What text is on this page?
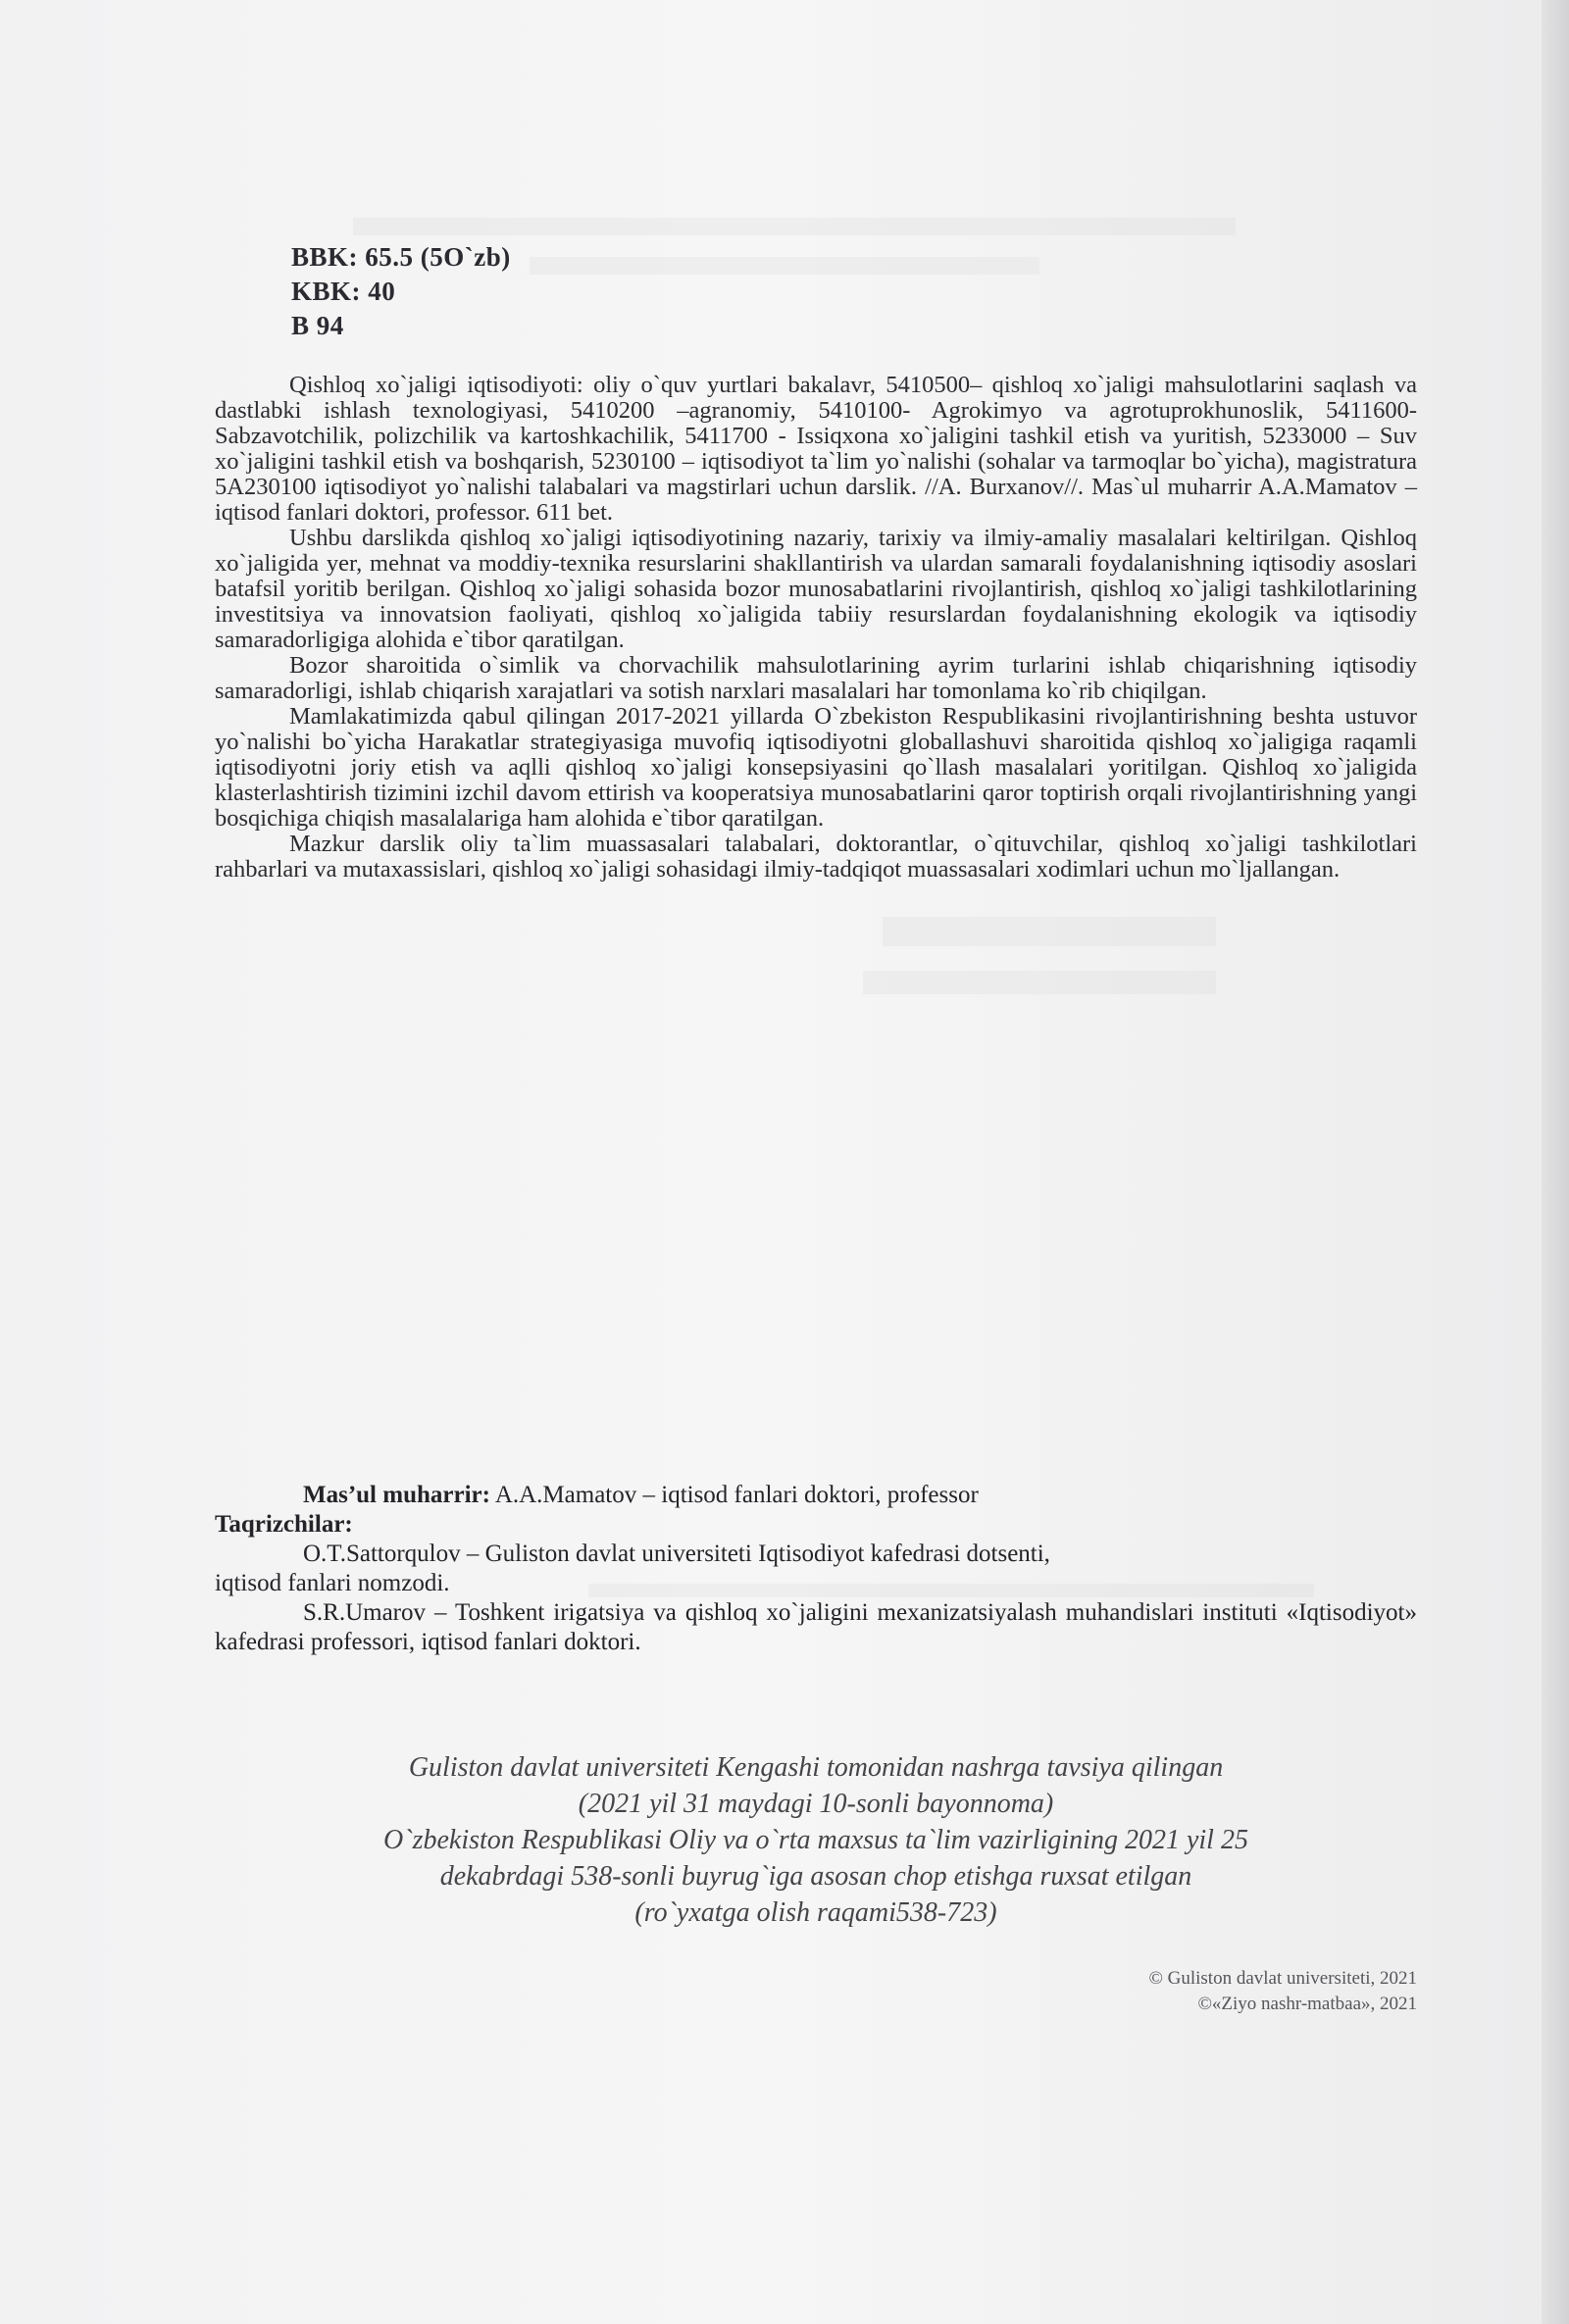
BBK: 65.5 (5O`zb)
KBK: 40
B 94

Qishloq xo`jaligi iqtisodiyoti: oliy o`quv yurtlari bakalavr, 5410500– qishloq xo`jaligi mahsulotlarini saqlash va dastlabki ishlash texnologiyasi, 5410200 –agranomiy, 5410100- Agrokimyo va agrotuprokhunoslik, 5411600- Sabzavotchilik, polizchilik va kartoshkachilik, 5411700 - Issiqxona xo`jaligini tashkil etish va yuritish, 5233000 – Suv xo`jaligini tashkil etish va boshqarish, 5230100 – iqtisodiyot ta`lim yo`nalishi (sohalar va tarmoqlar bo`yicha), magistratura 5A230100 iqtisodiyot yo`nalishi talabalari va magstirlari uchun darslik. //A. Burxanov//. Mas`ul muharrir A.A.Mamatov – iqtisod fanlari doktori, professor. 611 bet.

Ushbu darslikda qishloq xo`jaligi iqtisodiyotining nazariy, tarixiy va ilmiy-amaliy masalalari keltirilgan. Qishloq xo`jaligida yer, mehnat va moddiy-texnika resurslarini shakllantirish va ulardan samarali foydalanishning iqtisodiy asoslari batafsil yoritib berilgan. Qishloq xo`jaligi sohasida bozor munosabatlarini rivojlantirish, qishloq xo`jaligi tashkilotlarining investitsiya va innovatsion faoliyati, qishloq xo`jaligida tabiiy resurslardan foydalanishning ekologik va iqtisodiy samaradorligiga alohida e`tibor qaratilgan.

Bozor sharoitida o`simlik va chorvachilik mahsulotlarining ayrim turlarini ishlab chiqarishning iqtisodiy samaradorligi, ishlab chiqarish xarajatlari va sotish narxlari masalalari har tomonlama ko`rib chiqilgan.

Mamlakatimizda qabul qilingan 2017-2021 yillarda O`zbekiston Respublikasini rivojlantirishning beshta ustuvor yo`nalishi bo`yicha Harakatlar strategiyasiga muvofiq iqtisodiyotni globallashuvi sharoitida qishloq xo`jaligiga raqamli iqtisodiyotni joriy etish va aqlli qishloq xo`jaligi konsepsiyasini qo`llash masalalari yoritilgan. Qishloq xo`jaligida klasterlashtirish tizimini izchil davom ettirish va kooperatsiya munosabatlarini qaror toptirish orqali rivojlantirishning yangi bosqichiga chiqish masalalariga ham alohida e`tibor qaratilgan.

Mazkur darslik oliy ta`lim muassasalari talabalari, doktorantlar, o`qituvchilar, qishloq xo`jaligi tashkilotlari rahbarlari va mutaxassislari, qishloq xo`jaligi sohasidagi ilmiy-tadqiqot muassasalari xodimlari uchun mo`ljallangan.

Mas’ul muharrir: A.A.Mamatov – iqtisod fanlari doktori, professor
Taqrizchilar:
O.T.Sattorqulov – Guliston davlat universiteti Iqtisodiyot kafedrasi dotsenti,
iqtisod fanlari nomzodi.

S.R.Umarov – Toshkent irigatsiya va qishloq xo`jaligini mexanizatsiyalash muhandislari instituti «Iqtisodiyot» kafedrasi professori, iqtisod fanlari doktori.

Guliston davlat universiteti Kengashi tomonidan nashrga tavsiya qilingan
(2021 yil 31 maydagi 10-sonli bayonnoma)
O`zbekiston Respublikasi Oliy va o`rta maxsus ta`lim vazirligining 2021 yil 25
dekabrdagi 538-sonli buyrug`iga asosan chop etishga ruxsat etilgan
(ro`yxatga olish raqami538-723)
© Guliston davlat universiteti, 2021
©«Ziyo nashr-matbaa», 2021
